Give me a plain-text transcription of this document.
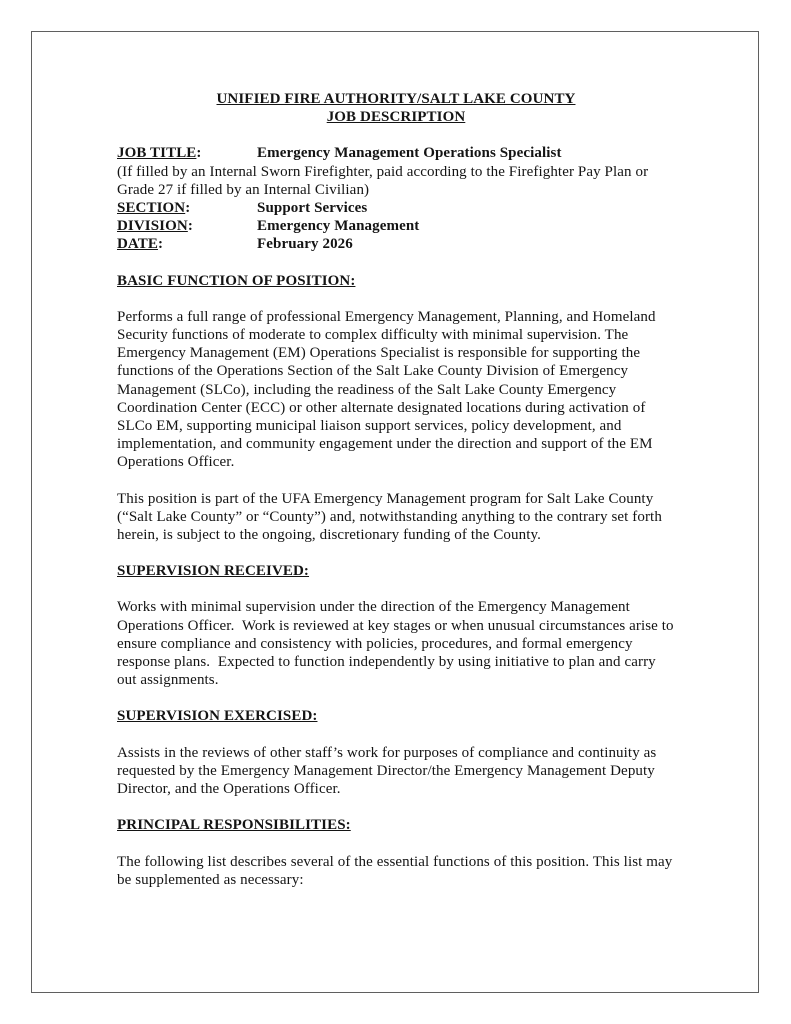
UNIFIED FIRE AUTHORITY/SALT LAKE COUNTY
JOB DESCRIPTION
JOB TITLE:	Emergency Management Operations Specialist
(If filled by an Internal Sworn Firefighter, paid according to the Firefighter Pay Plan or Grade 27 if filled by an Internal Civilian)
SECTION:	Support Services
DIVISION:	Emergency Management
DATE:	February 2026
BASIC FUNCTION OF POSITION:
Performs a full range of professional Emergency Management, Planning, and Homeland Security functions of moderate to complex difficulty with minimal supervision. The Emergency Management (EM) Operations Specialist is responsible for supporting the functions of the Operations Section of the Salt Lake County Division of Emergency Management (SLCo), including the readiness of the Salt Lake County Emergency Coordination Center (ECC) or other alternate designated locations during activation of SLCo EM, supporting municipal liaison support services, policy development, and implementation, and community engagement under the direction and support of the EM Operations Officer.
This position is part of the UFA Emergency Management program for Salt Lake County (“Salt Lake County” or “County”) and, notwithstanding anything to the contrary set forth herein, is subject to the ongoing, discretionary funding of the County.
SUPERVISION RECEIVED:
Works with minimal supervision under the direction of the Emergency Management Operations Officer.  Work is reviewed at key stages or when unusual circumstances arise to ensure compliance and consistency with policies, procedures, and formal emergency response plans.  Expected to function independently by using initiative to plan and carry out assignments.
SUPERVISION EXERCISED:
Assists in the reviews of other staff’s work for purposes of compliance and continuity as requested by the Emergency Management Director/the Emergency Management Deputy Director, and the Operations Officer.
PRINCIPAL RESPONSIBILITIES:
The following list describes several of the essential functions of this position. This list may be supplemented as necessary:
